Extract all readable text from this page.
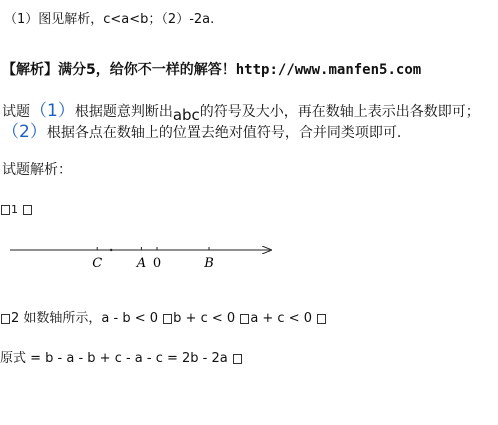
（1）图见解析，c<a<b；（2）-2a.
【解析】满分5，给你不一样的解答！http://www.manfen5.com
试题（1）根据题意判断出abc的符号及大小，再在数轴上表示出各数即可；
（2）根据各点在数轴上的位置去绝对值符号，合并同类项即可.
试题解析：
1
C	A 0	B
2 如数轴所示，a - b < 0 b + c < 0 a + c < 0
原式 = b - a - b + c - a - c = 2b - 2a
